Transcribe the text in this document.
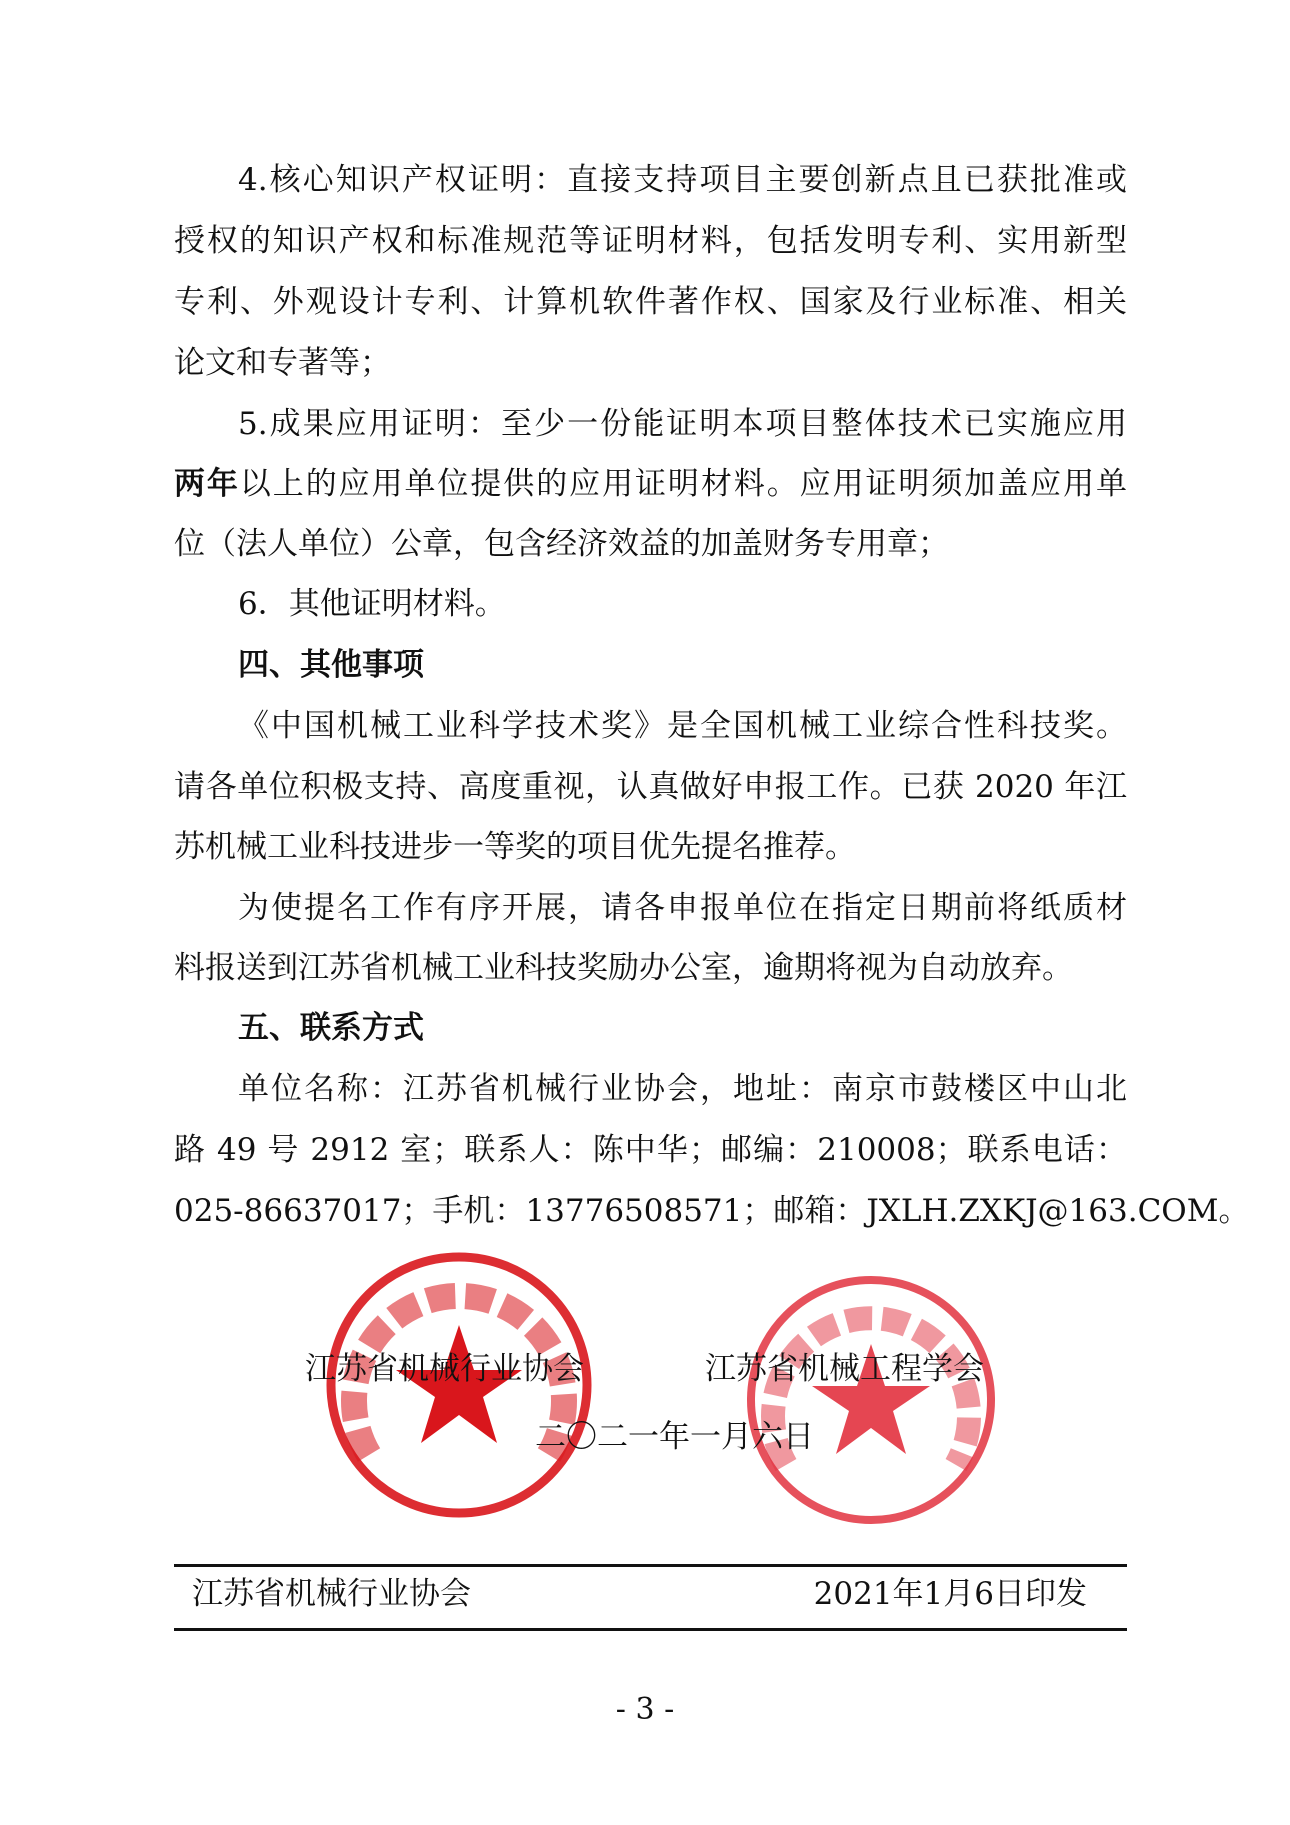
4.核心知识产权证明：直接支持项目主要创新点且已获批准或
授权的知识产权和标准规范等证明材料，包括发明专利、实用新型
专利、外观设计专利、计算机软件著作权、国家及行业标准、相关
论文和专著等；
5.成果应用证明：至少一份能证明本项目整体技术已实施应用
两年以上的应用单位提供的应用证明材料。应用证明须加盖应用单
位（法人单位）公章，包含经济效益的加盖财务专用章；
6．其他证明材料。
四、其他事项
《中国机械工业科学技术奖》是全国机械工业综合性科技奖。
请各单位积极支持、高度重视，认真做好申报工作。已获 2020 年江
苏机械工业科技进步一等奖的项目优先提名推荐。
为使提名工作有序开展，请各申报单位在指定日期前将纸质材
料报送到江苏省机械工业科技奖励办公室，逾期将视为自动放弃。
五、联系方式
单位名称：江苏省机械行业协会，地址：南京市鼓楼区中山北
路 49 号 2912 室；联系人：陈中华；邮编：210008；联系电话：
025-86637017；手机：13776508571；邮箱：JXLH.ZXKJ@163.COM。
江苏省机械行业协会	江苏省机械工程学会
二〇二一年一月六日
江苏省机械行业协会	2021年1月6日印发
- 3 -
